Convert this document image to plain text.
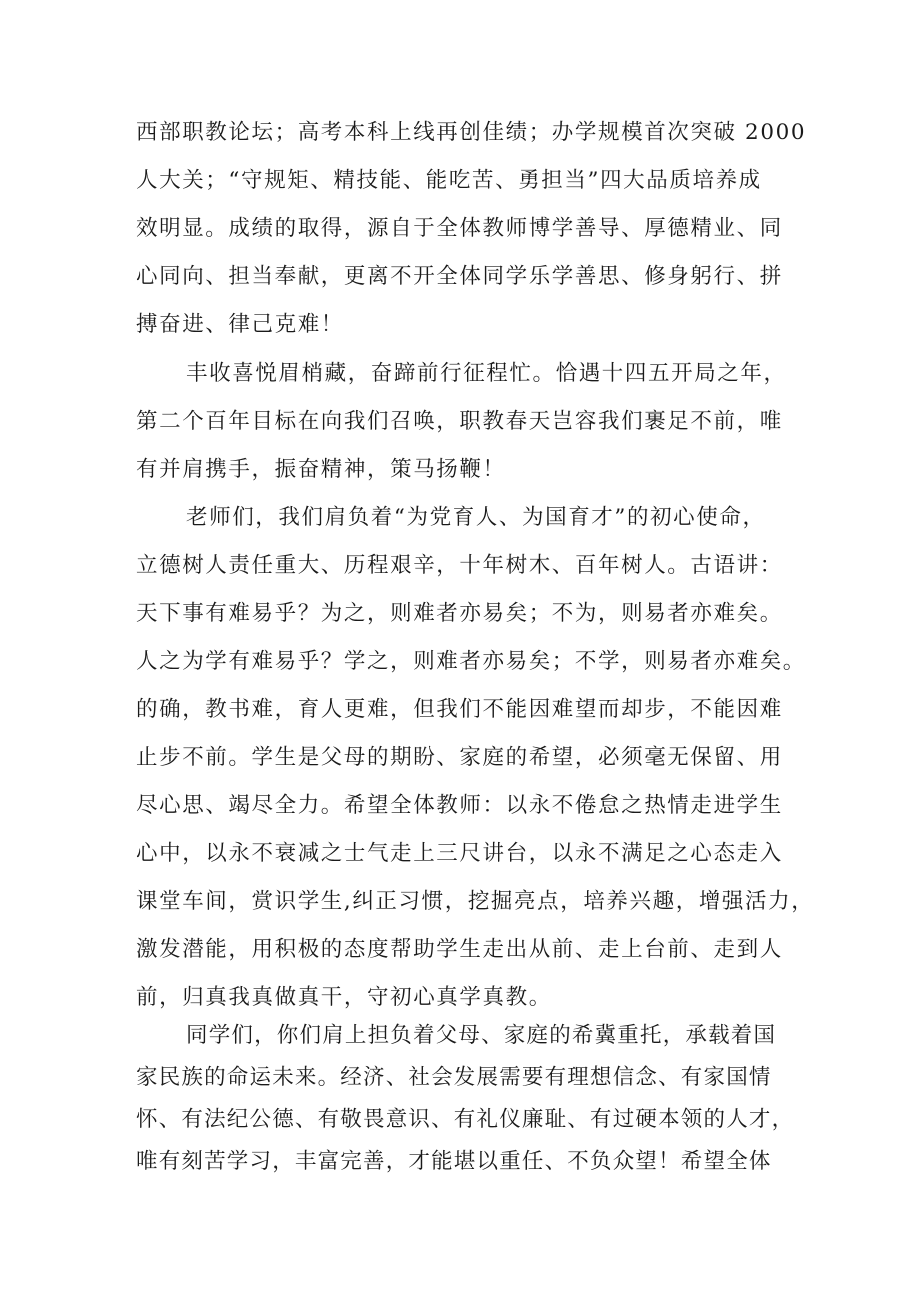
西部职教论坛；高考本科上线再创佳绩；办学规模首次突破 2000
人大关；“守规矩、精技能、能吃苦、勇担当”四大品质培养成
效明显。成绩的取得，源自于全体教师博学善导、厚德精业、同
心同向、担当奉献，更离不开全体同学乐学善思、修身躬行、拼
搏奋进、律己克难！
丰收喜悦眉梢藏，奋蹄前行征程忙。恰遇十四五开局之年，
第二个百年目标在向我们召唤，职教春天岂容我们裹足不前，唯
有并肩携手，振奋精神，策马扬鞭！
老师们，我们肩负着“为党育人、为国育才”的初心使命，
立德树人责任重大、历程艰辛，十年树木、百年树人。古语讲：
天下事有难易乎？为之，则难者亦易矣；不为，则易者亦难矣。
人之为学有难易乎？学之，则难者亦易矣；不学，则易者亦难矣。
的确，教书难，育人更难，但我们不能因难望而却步，不能因难
止步不前。学生是父母的期盼、家庭的希望，必须毫无保留、用
尽心思、竭尽全力。希望全体教师：以永不倦怠之热情走进学生
心中，以永不衰减之士气走上三尺讲台，以永不满足之心态走入
课堂车间，赏识学生,纠正习惯，挖掘亮点，培养兴趣，增强活力，
激发潜能，用积极的态度帮助学生走出从前、走上台前、走到人
前，归真我真做真干，守初心真学真教。
同学们，你们肩上担负着父母、家庭的希冀重托，承载着国
家民族的命运未来。经济、社会发展需要有理想信念、有家国情
怀、有法纪公德、有敬畏意识、有礼仪廉耻、有过硬本领的人才，
唯有刻苦学习，丰富完善，才能堪以重任、不负众望！希望全体
